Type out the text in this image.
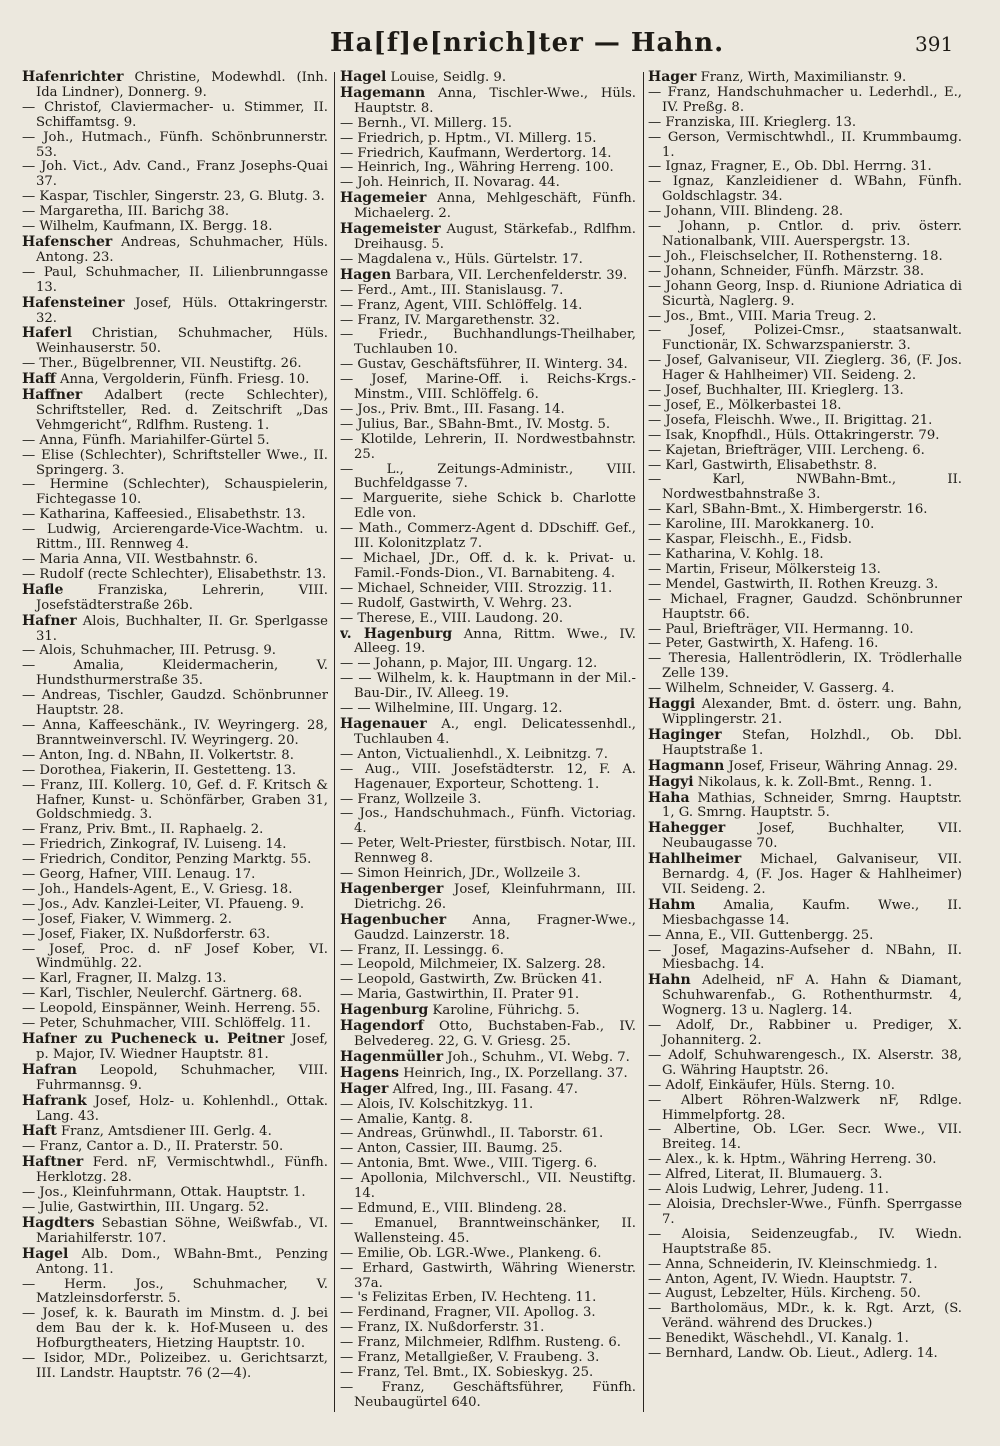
Ha[f]e[nrich]ter — Hahn.	391

Hafenrichter Christine, Modewhdl. (Inh. Ida Lindner), Donnerg. 9.

— Christof, Claviermacher- u. Stimmer, II. Schiffamtsg. 9.

— Joh., Hutmach., Fünfh. Schönbrunnerstr. 53.

— Joh. Vict., Adv. Cand., Franz Josephs-Quai 37.

— Kaspar, Tischler, Singerstr. 23, G. Blutg. 3.

— Margaretha, III. Barichg 38.

— Wilhelm, Kaufmann, IX. Bergg. 18.

Hafenscher Andreas, Schuhmacher, Hüls. Antong. 23.

— Paul, Schuhmacher, II. Lilienbrunngasse 13.

Hafensteiner Josef, Hüls. Ottakringerstr. 32.

Haferl Christian, Schuhmacher, Hüls. Weinhauserstr. 50.

— Ther., Bügelbrenner, VII. Neustiftg. 26.

Haff Anna, Vergolderin, Fünfh. Friesg. 10.

Haffner Adalbert (recte Schlechter), Schriftsteller, Red. d. Zeitschrift „Das Vehmgericht“, Rdlfhm. Rusteng. 1.

— Anna, Fünfh. Mariahilfer-Gürtel 5.

— Elise (Schlechter), Schriftsteller Wwe., II. Springerg. 3.

— Hermine (Schlechter), Schauspielerin, Fichtegasse 10.

— Katharina, Kaffeesied., Elisabethstr. 13.

— Ludwig, Arcierengarde-Vice-Wachtm. u. Rittm., III. Rennweg 4.

— Maria Anna, VII. Westbahnstr. 6.

— Rudolf (recte Schlechter), Elisabethstr. 13.

Hafle Franziska, Lehrerin, VIII. Josefstädterstraße 26b.

Hafner Alois, Buchhalter, II. Gr. Sperlgasse 31.

— Alois, Schuhmacher, III. Petrusg. 9.

— Amalia, Kleidermacherin, V. Hundsthurmerstraße 35.

— Andreas, Tischler, Gaudzd. Schönbrunner Hauptstr. 28.

— Anna, Kaffeeschänk., IV. Weyringerg. 28, Branntweinverschl. IV. Weyringerg. 20.

— Anton, Ing. d. NBahn, II. Volkertstr. 8.

— Dorothea, Fiakerin, II. Gestetteng. 13.

— Franz, III. Kollerg. 10, Gef. d. F. Kritsch & Hafner, Kunst- u. Schönfärber, Graben 31, Goldschmiedg. 3.

— Franz, Priv. Bmt., II. Raphaelg. 2.

— Friedrich, Zinkograf, IV. Luiseng. 14.

— Friedrich, Conditor, Penzing Marktg. 55.

— Georg, Hafner, VIII. Lenaug. 17.

— Joh., Handels-Agent, E., V. Griesg. 18.

— Jos., Adv. Kanzlei-Leiter, VI. Pfaueng. 9.

— Josef, Fiaker, V. Wimmerg. 2.

— Josef, Fiaker, IX. Nußdorferstr. 63.

— Josef, Proc. d. nF Josef Kober, VI. Windmühlg. 22.

— Karl, Fragner, II. Malzg. 13.

— Karl, Tischler, Neulerchf. Gärtnerg. 68.

— Leopold, Einspänner, Weinh. Herreng. 55.

— Peter, Schuhmacher, VIII. Schlöffelg. 11.

Hafner zu Pucheneck u. Peitner Josef, p. Major, IV. Wiedner Hauptstr. 81.

Hafran Leopold, Schuhmacher, VIII. Fuhrmannsg. 9.

Hafrank Josef, Holz- u. Kohlenhdl., Ottak. Lang. 43.

Haft Franz, Amtsdiener III. Gerlg. 4.

— Franz, Cantor a. D., II. Praterstr. 50.

Haftner Ferd. nF, Vermischtwhdl., Fünfh. Herklotzg. 28.

— Jos., Kleinfuhrmann, Ottak. Hauptstr. 1.

— Julie, Gastwirthin, III. Ungarg. 52.

Hagdters Sebastian Söhne, Weißwfab., VI. Mariahilferstr. 107.

Hagel Alb. Dom., WBahn-Bmt., Penzing Antong. 11.

— Herm. Jos., Schuhmacher, V. Matzleinsdorferstr. 5.

— Josef, k. k. Baurath im Minstm. d. J. bei dem Bau der k. k. Hof-Museen u. des Hofburgtheaters, Hietzing Hauptstr. 10.

— Isidor, MDr., Polizeibez. u. Gerichtsarzt, III. Landstr. Hauptstr. 76 (2—4).

Hagel Louise, Seidlg. 9.

Hagemann Anna, Tischler-Wwe., Hüls. Hauptstr. 8.

— Bernh., VI. Millerg. 15.

— Friedrich, p. Hptm., VI. Millerg. 15.

— Friedrich, Kaufmann, Werdertorg. 14.

— Heinrich, Ing., Währing Herreng. 100.

— Joh. Heinrich, II. Novarag. 44.

Hagemeier Anna, Mehlgeschäft, Fünfh. Michaelerg. 2.

Hagemeister August, Stärkefab., Rdlfhm. Dreihausg. 5.

— Magdalena v., Hüls. Gürtelstr. 17.

Hagen Barbara, VII. Lerchenfelderstr. 39.

— Ferd., Amt., III. Stanislausg. 7.

— Franz, Agent, VIII. Schlöffelg. 14.

— Franz, IV. Margarethenstr. 32.

— Friedr., Buchhandlungs-Theilhaber, Tuchlauben 10.

— Gustav, Geschäftsführer, II. Winterg. 34.

— Josef, Marine-Off. i. Reichs-Krgs.-Minstm., VIII. Schlöffelg. 6.

— Jos., Priv. Bmt., III. Fasang. 14.

— Julius, Bar., SBahn-Bmt., IV. Mostg. 5.

— Klotilde, Lehrerin, II. Nordwestbahnstr. 25.

— L., Zeitungs-Administr., VIII. Buchfeldgasse 7.

— Marguerite, siehe Schick b. Charlotte Edle von.

— Math., Commerz-Agent d. DDschiff. Gef., III. Kolonitzplatz 7.

— Michael, JDr., Off. d. k. k. Privat- u. Famil.-Fonds-Dion., VI. Barnabiteng. 4.

— Michael, Schneider, VIII. Strozzig. 11.

— Rudolf, Gastwirth, V. Wehrg. 23.

— Therese, E., VIII. Laudong. 20.

v. Hagenburg Anna, Rittm. Wwe., IV. Alleeg. 19.

— — Johann, p. Major, III. Ungarg. 12.

— — Wilhelm, k. k. Hauptmann in der Mil.-Bau-Dir., IV. Alleeg. 19.

— — Wilhelmine, III. Ungarg. 12.

Hagenauer A., engl. Delicatessenhdl., Tuchlauben 4.

— Anton, Victualienhdl., X. Leibnitzg. 7.

— Aug., VIII. Josefstädterstr. 12, F. A. Hagenauer, Exporteur, Schotteng. 1.

— Franz, Wollzeile 3.

— Jos., Handschuhmach., Fünfh. Victoriag. 4.

— Peter, Welt-Priester, fürstbisch. Notar, III. Rennweg 8.

— Simon Heinrich, JDr., Wollzeile 3.

Hagenberger Josef, Kleinfuhrmann, III. Dietrichg. 26.

Hagenbucher Anna, Fragner-Wwe., Gaudzd. Lainzerstr. 18.

— Franz, II. Lessingg. 6.

— Leopold, Milchmeier, IX. Salzerg. 28.

— Leopold, Gastwirth, Zw. Brücken 41.

— Maria, Gastwirthin, II. Prater 91.

Hagenburg Karoline, Führichg. 5.

Hagendorf Otto, Buchstaben-Fab., IV. Belvedereg. 22, G. V. Griesg. 25.

Hagenmüller Joh., Schuhm., VI. Webg. 7.

Hagens Heinrich, Ing., IX. Porzellang. 37.

Hager Alfred, Ing., III. Fasang. 47.

— Alois, IV. Kolschitzkyg. 11.

— Amalie, Kantg. 8.

— Andreas, Grünwhdl., II. Taborstr. 61.

— Anton, Cassier, III. Baumg. 25.

— Antonia, Bmt. Wwe., VIII. Tigerg. 6.

— Apollonia, Milchverschl., VII. Neustiftg. 14.

— Edmund, E., VIII. Blindeng. 28.

— Emanuel, Branntweinschänker, II. Wallensteing. 45.

— Emilie, Ob. LGR.-Wwe., Plankeng. 6.

— Erhard, Gastwirth, Währing Wienerstr. 37a.

— 's Felizitas Erben, IV. Hechteng. 11.

— Ferdinand, Fragner, VII. Apollog. 3.

— Franz, IX. Nußdorferstr. 31.

— Franz, Milchmeier, Rdlfhm. Rusteng. 6.

— Franz, Metallgießer, V. Fraubeng. 3.

— Franz, Tel. Bmt., IX. Sobieskyg. 25.

— Franz, Geschäftsführer, Fünfh. Neubaugürtel 640.

Hager Franz, Wirth, Maximilianstr. 9.

— Franz, Handschuhmacher u. Lederhdl., E., IV. Preßg. 8.

— Franziska, III. Krieglerg. 13.

— Gerson, Vermischtwhdl., II. Krummbaumg. 1.

— Ignaz, Fragner, E., Ob. Dbl. Herrng. 31.

— Ignaz, Kanzleidiener d. WBahn, Fünfh. Goldschlagstr. 34.

— Johann, VIII. Blindeng. 28.

— Johann, p. Cntlor. d. priv. österr. Nationalbank, VIII. Auerspergstr. 13.

— Joh., Fleischselcher, II. Rothensterng. 18.

— Johann, Schneider, Fünfh. Märzstr. 38.

— Johann Georg, Insp. d. Riunione Adriatica di Sicurtà, Naglerg. 9.

— Jos., Bmt., VIII. Maria Treug. 2.

— Josef, Polizei-Cmsr., staatsanwalt. Functionär, IX. Schwarzspanierstr. 3.

— Josef, Galvaniseur, VII. Zieglerg. 36, (F. Jos. Hager & Hahlheimer) VII. Seideng. 2.

— Josef, Buchhalter, III. Krieglerg. 13.

— Josef, E., Mölkerbastei 18.

— Josefa, Fleischh. Wwe., II. Brigittag. 21.

— Isak, Knopfhdl., Hüls. Ottakringerstr. 79.

— Kajetan, Briefträger, VIII. Lercheng. 6.

— Karl, Gastwirth, Elisabethstr. 8.

— Karl, NWBahn-Bmt., II. Nordwestbahnstraße 3.

— Karl, SBahn-Bmt., X. Himbergerstr. 16.

— Karoline, III. Marokkanerg. 10.

— Kaspar, Fleischh., E., Fidsb.

— Katharina, V. Kohlg. 18.

— Martin, Friseur, Mölkersteig 13.

— Mendel, Gastwirth, II. Rothen Kreuzg. 3.

— Michael, Fragner, Gaudzd. Schönbrunner Hauptstr. 66.

— Paul, Briefträger, VII. Hermanng. 10.

— Peter, Gastwirth, X. Hafeng. 16.

— Theresia, Hallentrödlerin, IX. Trödlerhalle Zelle 139.

— Wilhelm, Schneider, V. Gasserg. 4.

Haggi Alexander, Bmt. d. österr. ung. Bahn, Wipplingerstr. 21.

Haginger Stefan, Holzhdl., Ob. Dbl. Hauptstraße 1.

Hagmann Josef, Friseur, Währing Annag. 29.

Hagyi Nikolaus, k. k. Zoll-Bmt., Renng. 1.

Haha Mathias, Schneider, Smrng. Hauptstr. 1, G. Smrng. Hauptstr. 5.

Hahegger Josef, Buchhalter, VII. Neubaugasse 70.

Hahlheimer Michael, Galvaniseur, VII. Bernardg. 4, (F. Jos. Hager & Hahlheimer) VII. Seideng. 2.

Hahm Amalia, Kaufm. Wwe., II. Miesbachgasse 14.

— Anna, E., VII. Guttenbergg. 25.

— Josef, Magazins-Aufseher d. NBahn, II. Miesbachg. 14.

Hahn Adelheid, nF A. Hahn & Diamant, Schuhwarenfab., G. Rothenthurmstr. 4, Wognerg. 13 u. Naglerg. 14.

— Adolf, Dr., Rabbiner u. Prediger, X. Johanniterg. 2.

— Adolf, Schuhwarengesch., IX. Alserstr. 38, G. Währing Hauptstr. 26.

— Adolf, Einkäufer, Hüls. Sterng. 10.

— Albert Röhren-Walzwerk nF, Rdlge. Himmelpfortg. 28.

— Albertine, Ob. LGer. Secr. Wwe., VII. Breiteg. 14.

— Alex., k. k. Hptm., Währing Herreng. 30.

— Alfred, Literat, II. Blumauerg. 3.

— Alois Ludwig, Lehrer, Judeng. 11.

— Aloisia, Drechsler-Wwe., Fünfh. Sperrgasse 7.

— Aloisia, Seidenzeugfab., IV. Wiedn. Hauptstraße 85.

— Anna, Schneiderin, IV. Kleinschmiedg. 1.

— Anton, Agent, IV. Wiedn. Hauptstr. 7.

— August, Lebzelter, Hüls. Kircheng. 50.

— Bartholomäus, MDr., k. k. Rgt. Arzt, (S. Veränd. während des Druckes.)

— Benedikt, Wäschehdl., VI. Kanalg. 1.

— Bernhard, Landw. Ob. Lieut., Adlerg. 14.
